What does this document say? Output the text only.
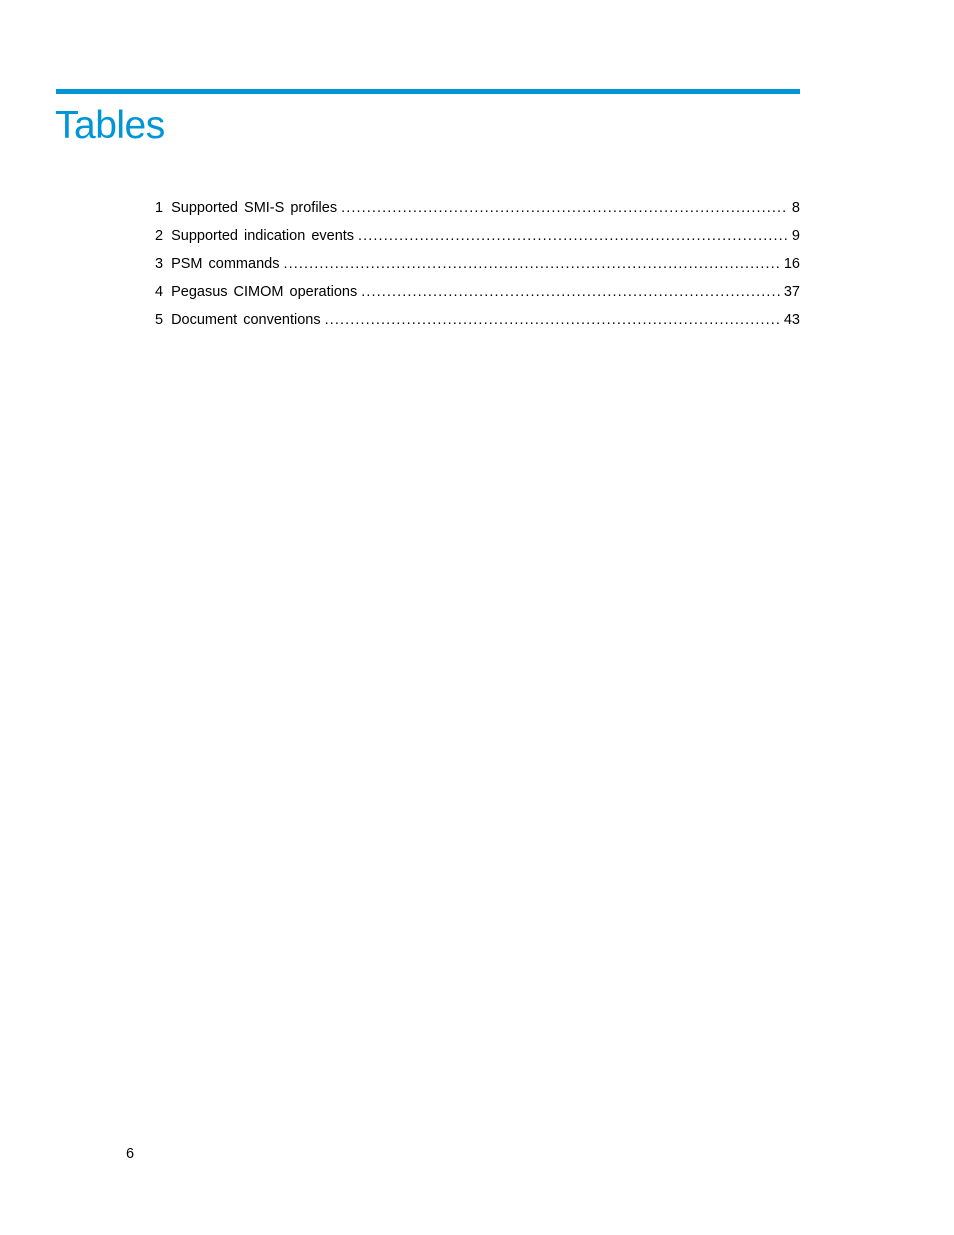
Tables
1 Supported SMI-S profiles .....	8
2 Supported indication events .....	9
3 PSM commands .....	16
4 Pegasus CIMOM operations .....	37
5 Document conventions .....	43
6
